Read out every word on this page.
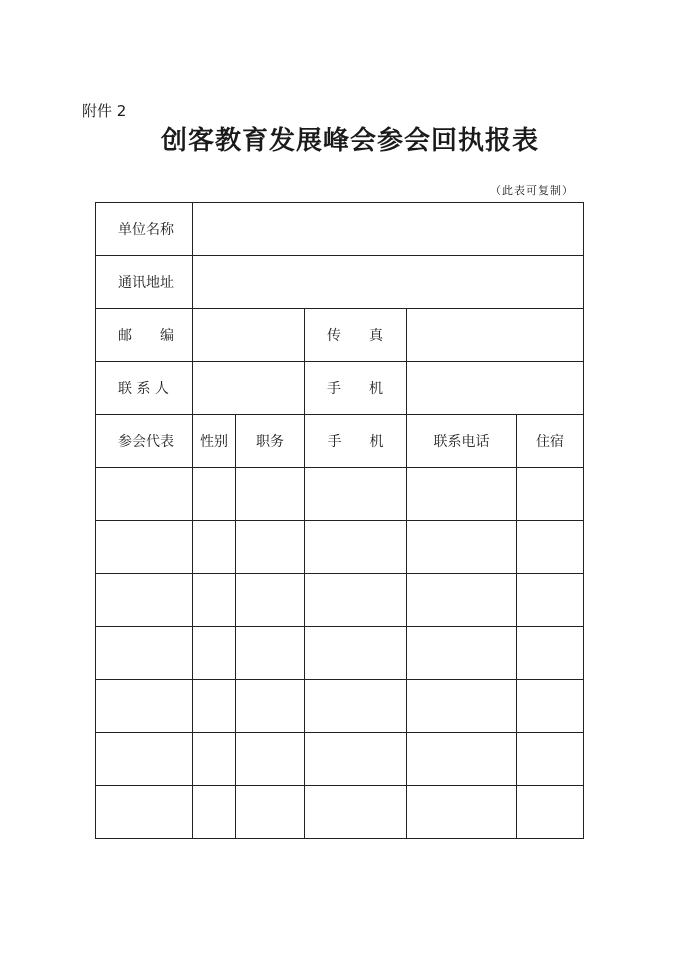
附件 2
创客教育发展峰会参会回执报表
（此表可复制）
单位名称					
通讯地址					
邮　　编			传　　真		
联 系 人			手　　机		
参会代表	性别	职务	手　　机	联系电话	住宿
